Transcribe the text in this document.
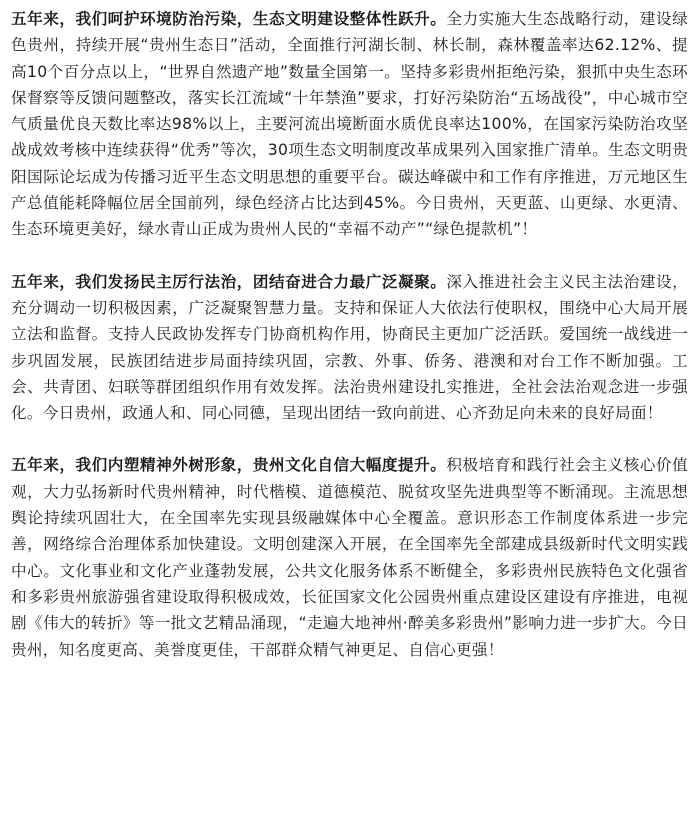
五年来，我们呵护环境防治污染，生态文明建设整体性跃升。全力实施大生态战略行动，建设绿色贵州，持续开展“贵州生态日”活动，全面推行河湖长制、林长制，森林覆盖率达62.12%、提高10个百分点以上，“世界自然遗产地”数量全国第一。坚持多彩贵州拒绝污染，狠抓中央生态环保督察等反馈问题整改，落实长江流域“十年禁渔”要求，打好污染防治“五场战役”，中心城市空气质量优良天数比率达98%以上，主要河流出境断面水质优良率达100%，在国家污染防治攻坚战成效考核中连续获得“优秀”等次，30项生态文明制度改革成果列入国家推广清单。生态文明贵阳国际论坛成为传播习近平生态文明思想的重要平台。碳达峰碳中和工作有序推进，万元地区生产总值能耗降幅位居全国前列，绿色经济占比达到45%。今日贵州，天更蓝、山更绿、水更清、生态环境更美好，绿水青山正成为贵州人民的“幸福不动产”“绿色提款机”！

五年来，我们发扬民主厉行法治，团结奋进合力最广泛凝聚。深入推进社会主义民主法治建设，充分调动一切积极因素，广泛凝聚智慧力量。支持和保证人大依法行使职权，围绕中心大局开展立法和监督。支持人民政协发挥专门协商机构作用，协商民主更加广泛活跃。爱国统一战线进一步巩固发展，民族团结进步局面持续巩固，宗教、外事、侨务、港澳和对台工作不断加强。工会、共青团、妇联等群团组织作用有效发挥。法治贵州建设扎实推进，全社会法治观念进一步强化。今日贵州，政通人和、同心同德，呈现出团结一致向前进、心齐劲足向未来的良好局面！

五年来，我们内塑精神外树形象，贵州文化自信大幅度提升。积极培育和践行社会主义核心价值观，大力弘扬新时代贵州精神，时代楷模、道德模范、脱贫攻坚先进典型等不断涌现。主流思想舆论持续巩固壮大，在全国率先实现县级融媒体中心全覆盖。意识形态工作制度体系进一步完善，网络综合治理体系加快建设。文明创建深入开展，在全国率先全部建成县级新时代文明实践中心。文化事业和文化产业蓬勃发展，公共文化服务体系不断健全，多彩贵州民族特色文化强省和多彩贵州旅游强省建设取得积极成效，长征国家文化公园贵州重点建设区建设有序推进，电视剧《伟大的转折》等一批文艺精品涌现，“走遍大地神州·醉美多彩贵州”影响力进一步扩大。今日贵州，知名度更高、美誉度更佳，干部群众精气神更足、自信心更强！
